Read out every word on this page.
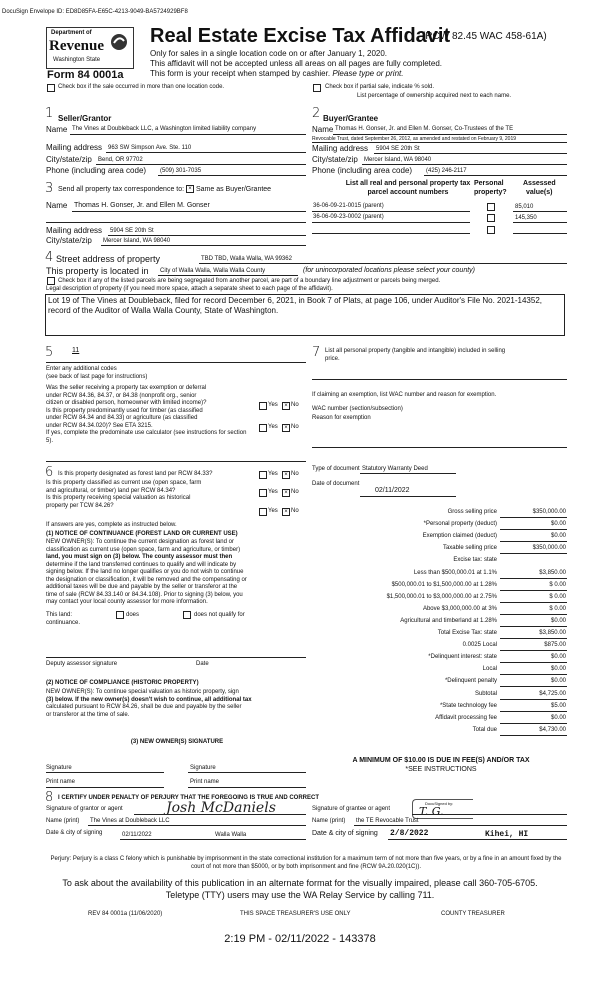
DocuSign Envelope ID: ED8D85FA-E65C-4213-9049-BA5724929BF8
Department of
Revenue
Washington State
Form 84 0001a
Real Estate Excise Tax Affidavit
(RCW 82.45 WAC 458-61A)
Only for sales in a single location code on or after January 1, 2020.
This affidavit will not be accepted unless all areas on all pages are fully completed.
This form is your receipt when stamped by cashier. Please type or print.
Check box if the sale occurred in more than one location code.	Check box if partial sale, indicate % sold.
List percentage of ownership acquired next to each name.
1 Seller/Grantor
Name The Vines at Doubleback LLC, a Washington limited liability company
Mailing address 963 SW Simpson Ave. Ste. 110
City/state/zip Bend, OR 97702
Phone (including area code) (509) 301-7035
2 Buyer/Grantee
Name Thomas H. Gonser, Jr. and Ellen M. Gonser, Co-Trustees of the TE
Revocable Trust, dated September 26, 2012, as amended and restated on February 9, 2019
Mailing address 5904 SE 20th St
City/state/zip Mercer Island, WA 98040
Phone (including area code) (425) 246-2117
3 Send all property tax correspondence to: × Same as Buyer/Grantee
Name Thomas H. Gonser, Jr. and Ellen M. Gonser
Mailing address 5904 SE 20th St
City/state/zip Mercer Island, WA 98040
List all real and personal property tax
parcel account numbers
Personal
property?
Assessed
value(s)
36-06-09-21-0015 (parent)	85,010
36-06-09-23-0002 (parent)	145,350
4 Street address of property	TBD TBD, Walla Walla, WA 99362
This property is located in City of Walla Walla, Walla Walla County	(for unincorporated locations please select your county)
Check box if any of the listed parcels are being segregated from another parcel, are part of a boundary line adjustment or parcels being merged.
Legal description of property (if you need more space, attach a separate sheet to each page of the affidavit).
Lot 19 of The Vines at Doubleback, filed for record December 6, 2021, in Book 7 of Plats, at page 106, under Auditor's File No. 2021-14352, record of the Auditor of Walla Walla County, State of Washington.
5	11
Enter any additional codes
(see back of last page for instructions)
Was the seller receiving a property tax exemption or deferral
under RCW 84.36, 84.37, or 84.38 (nonprofit org., senior
citizen or disabled person, homeowner with limited income)?
Is this property predominantly used for timber (as classified
under RCW 84.34 and 84.33) or agriculture (as classified
under RCW 84.34.020)? See ETA 3215.
If yes, complete the predominate use calculator (see instructions for section
5).
Yes	× No
Yes	× No
7 List all personal property (tangible and intangible) included in selling
price.
If claiming an exemption, list WAC number and reason for exemption.
WAC number (section/subsection)
Reason for exemption
6 Is this property designated as forest land per RCW 84.33?
Is this property classified as current use (open space, farm
and agricultural, or timber) land per RCW 84.34?
Is this property receiving special valuation as historical
property per TCW 84.26?
Yes	× No
Yes	× No
Yes	× No
If answers are yes, complete as instructed below.
(1) NOTICE OF CONTINUANCE (FOREST LAND OR CURRENT USE)
NEW OWNER(S): To continue the current designation as forest land or
classification as current use (open space, farm and agriculture, or timber)
land, you must sign on (3) below. The county assessor must then
determine if the land transferred continues to qualify and will indicate by
signing below. If the land no longer qualifies or you do not wish to continue
the designation or classification, it will be removed and the compensating or
additional taxes will be due and payable by the seller or transferor at the
time of sale (RCW 84.33.140 or 84.34.108). Prior to signing (3) below, you
may contact your local county assessor for more information.
This land:	does	does not qualify for
continuance.
Deputy assessor signature	Date
(2) NOTICE OF COMPLIANCE (HISTORIC PROPERTY)
NEW OWNER(S): To continue special valuation as historic property, sign
(3) below. If the new owner(s) doesn't wish to continue, all additional tax
calculated pursuant to RCW 84.26, shall be due and payable by the seller
or transferor at the time of sale.
(3) NEW OWNER(S) SIGNATURE
Signature	Signature
Print name	Print name
Type of document Statutory Warranty Deed
Date of document
02/11/2022
Gross selling price	$350,000.00
*Personal property (deduct)	$0.00
Exemption claimed (deduct)	$0.00
Taxable selling price	$350,000.00
Excise tax: state
Less than $500,000.01 at 1.1%	$3,850.00
$500,000.01 to $1,500,000.00 at 1.28%	$ 0.00
$1,500,000.01 to $3,000,000.00 at 2.75%	$ 0.00
Above $3,000,000.00 at 3%	$ 0.00
Agricultural and timberland at 1.28%	$0.00
Total Excise Tax: state	$3,850.00
0.0025 Local	$875.00
*Delinquent interest: state	$0.00
Local	$0.00
*Delinquent penalty	$0.00
Subtotal	$4,725.00
*State technology fee	$5.00
Affidavit processing fee	$0.00
Total due	$4,730.00
A MINIMUM OF $10.00 IS DUE IN FEE(S) AND/OR TAX
*SEE INSTRUCTIONS
8 I CERTIFY UNDER PENALTY OF PERJURY THAT THE FOREGOING IS TRUE AND CORRECT
Signature of grantor or agent	Josh McDaniels
Name (print) The Vines at Doubleback LLC
Date & city of signing	02/11/2022	Walla Walla
Signature of grantee or agent
DocuSigned by:
T. G.
Name (print) the TE Revocable Trust
Date & city of signing 2/8/2022	Kihei, HI
Perjury: Perjury is a class C felony which is punishable by imprisonment in the state correctional institution for a maximum term of not more than five years, or by a fine in an amount fixed by the court of not more than $5000, or by both imprisonment and fine (RCW 9A.20.020(1C)).
To ask about the availability of this publication in an alternate format for the visually impaired, please call 360-705-6705.
Teletype (TTY) users may use the WA Relay Service by calling 711.
REV 84 0001a (11/06/2020)	THIS SPACE TREASURER'S USE ONLY	COUNTY TREASURER
2:19 PM - 02/11/2022 - 143378
